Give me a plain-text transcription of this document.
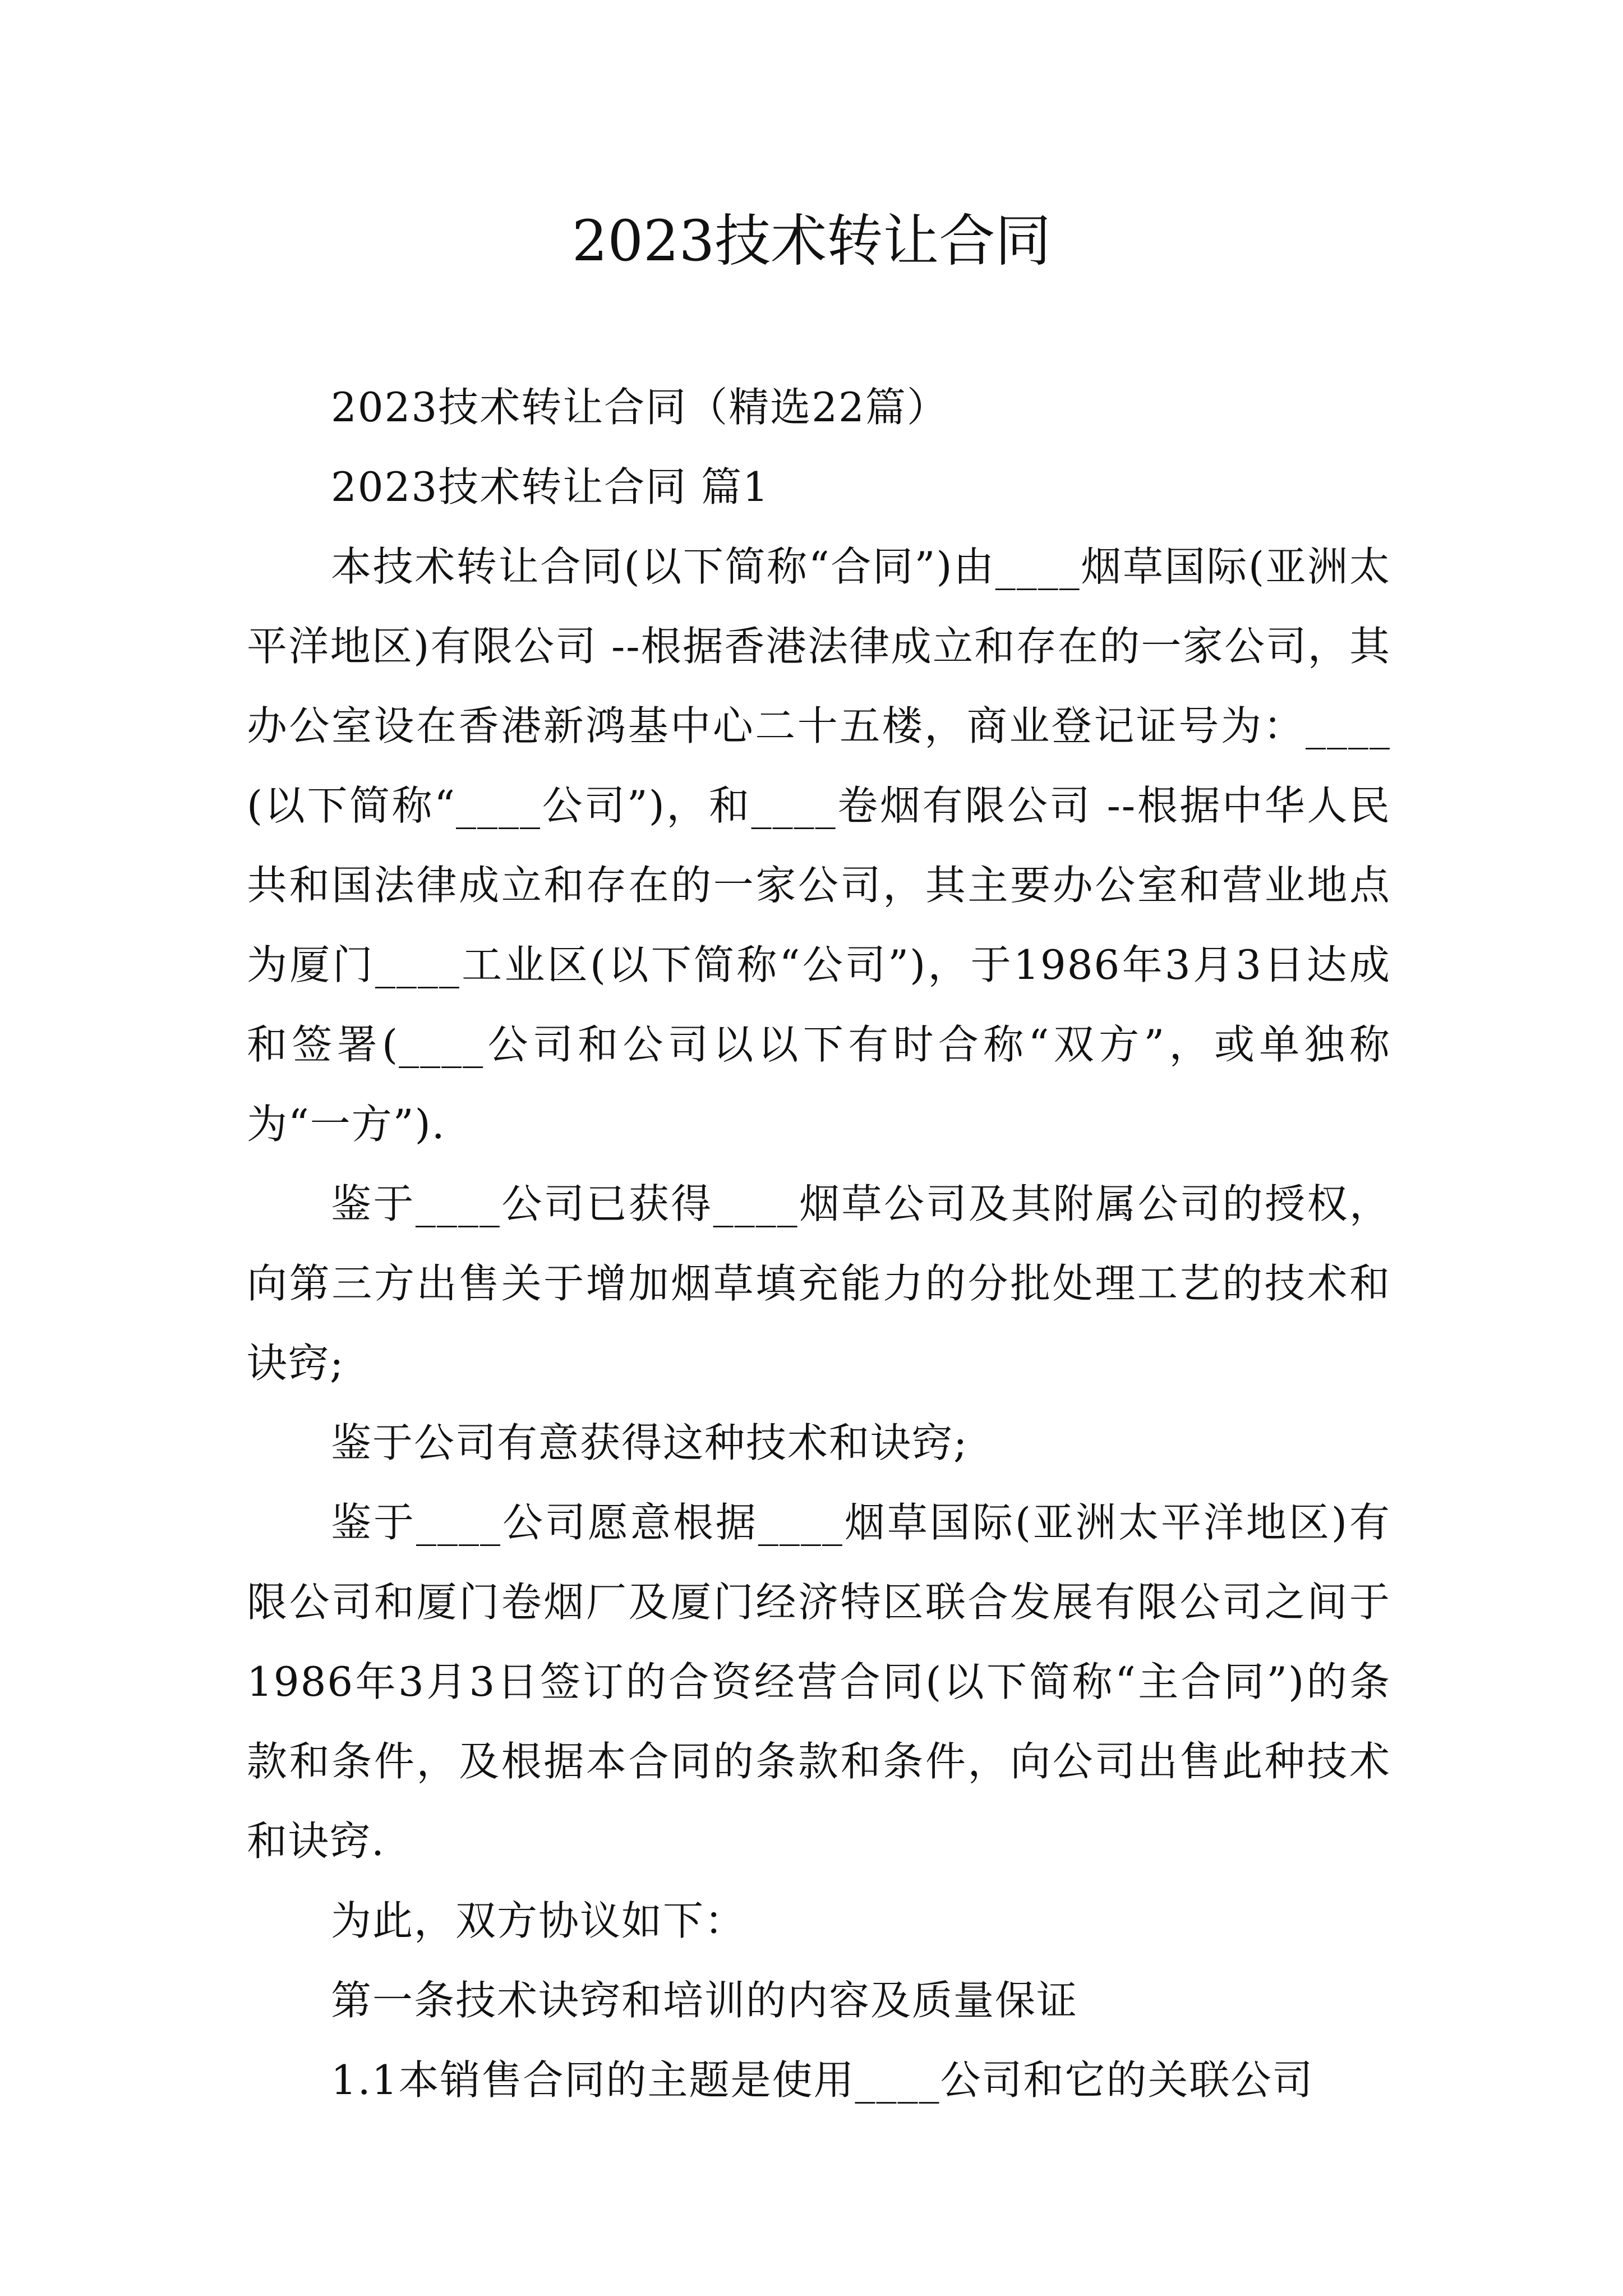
2023技术转让合同

2023技术转让合同（精选22篇）

2023技术转让合同 篇1

本技术转让合同(以下简称“合同”)由____烟草国际(亚洲太平洋地区)有限公司 --根据香港法律成立和存在的一家公司，其办公室设在香港新鸿基中心二十五楼，商业登记证号为：____(以下简称“____公司”)，和____卷烟有限公司 --根据中华人民共和国法律成立和存在的一家公司，其主要办公室和营业地点为厦门____工业区(以下简称“公司”)，于1986年3月3日达成和签署(____公司和公司以以下有时合称“双方”，或单独称为“一方”).

鉴于____公司已获得____烟草公司及其附属公司的授权，向第三方出售关于增加烟草填充能力的分批处理工艺的技术和诀窍;

鉴于公司有意获得这种技术和诀窍;

鉴于____公司愿意根据____烟草国际(亚洲太平洋地区)有限公司和厦门卷烟厂及厦门经济特区联合发展有限公司之间于1986年3月3日签订的合资经营合同(以下简称“主合同”)的条款和条件，及根据本合同的条款和条件，向公司出售此种技术和诀窍.

为此，双方协议如下：

第一条技术诀窍和培训的内容及质量保证

1.1本销售合同的主题是使用____公司和它的关联公司
